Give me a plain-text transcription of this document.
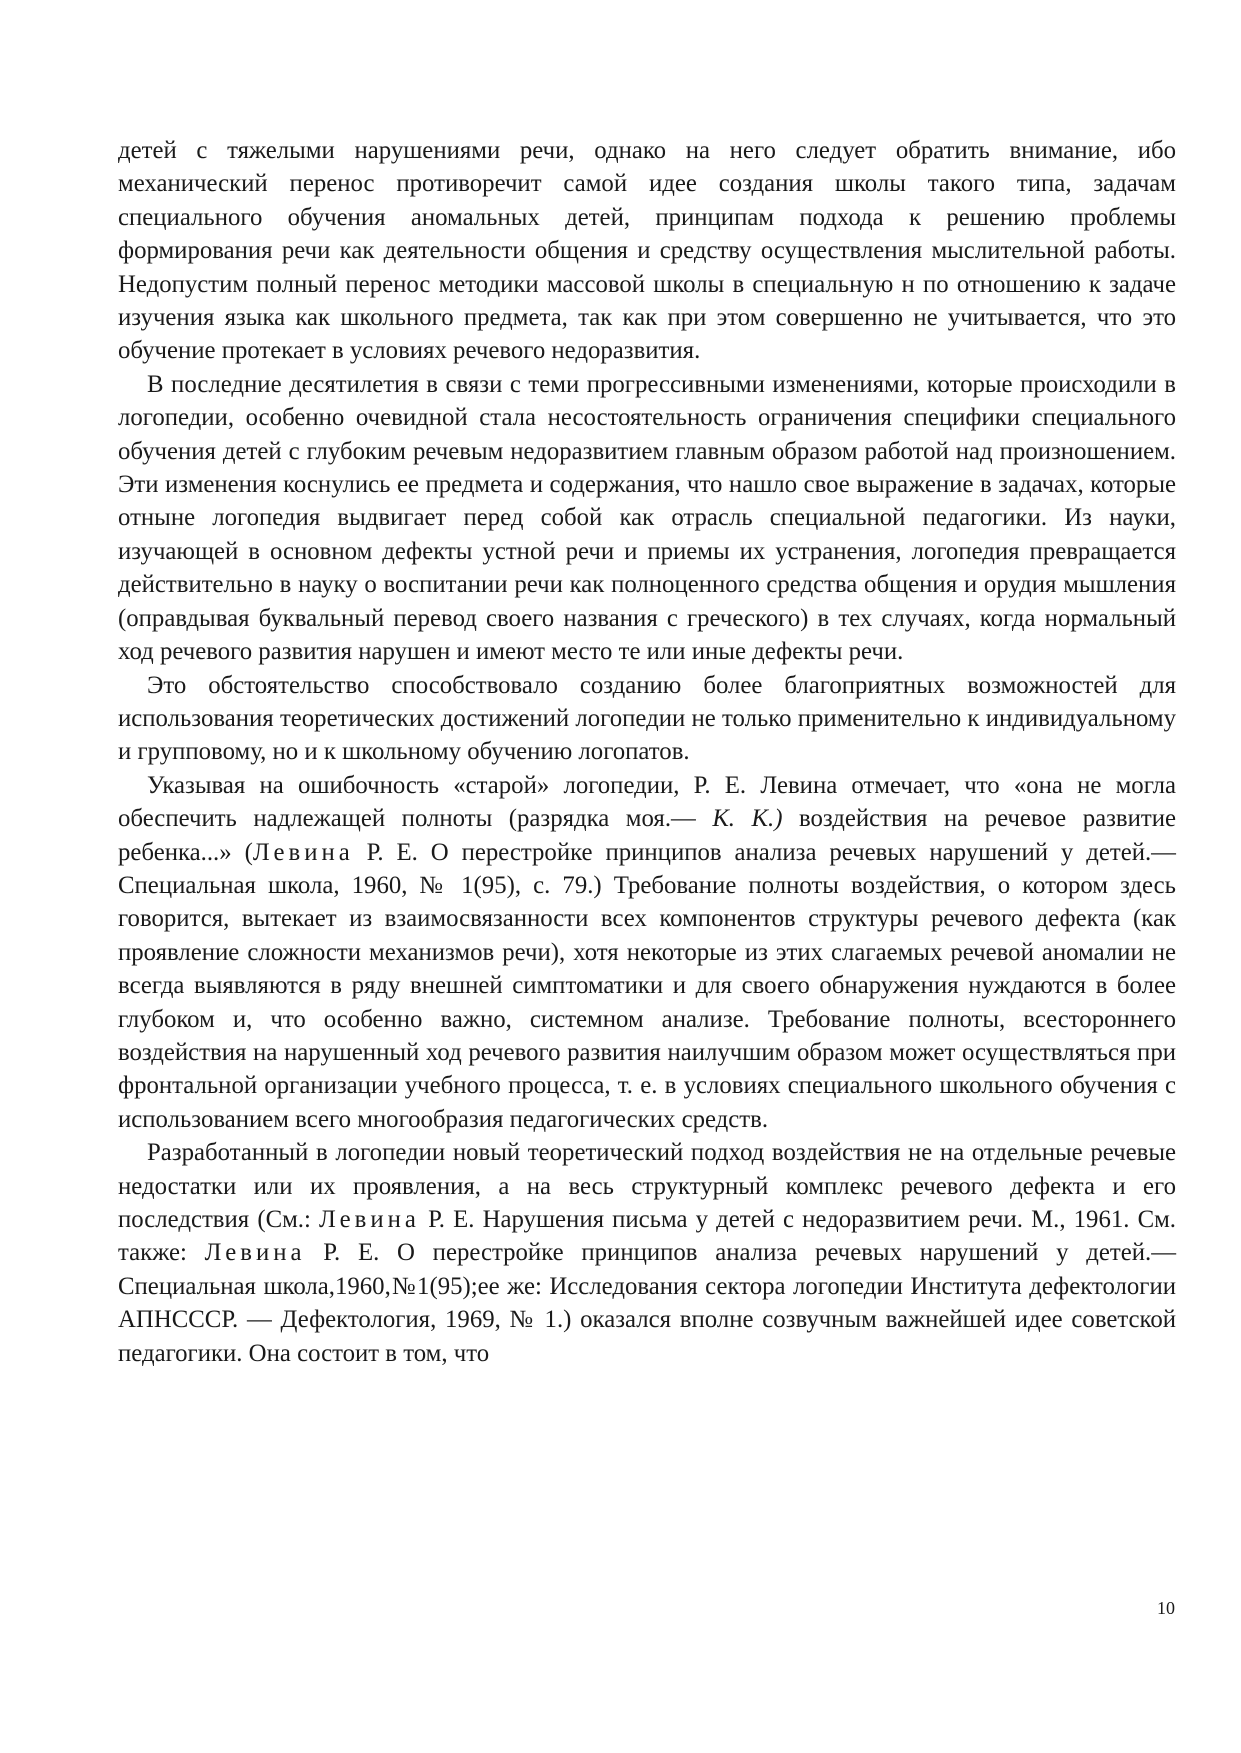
детей с тяжелыми нарушениями речи, однако на него следует обратить внимание, ибо механический перенос противоречит самой идее создания школы такого типа, задачам специального обучения аномальных детей, принципам подхода к решению проблемы формирования речи как деятельности общения и средству осуществления мыслительной работы. Недопустим полный перенос методики массовой школы в специальную н по отношению к задаче изучения языка как школьного предмета, так как при этом совершенно не учитывается, что это обучение протекает в условиях речевого недоразвития.

В последние десятилетия в связи с теми прогрессивными изменениями, которые происходили в логопедии, особенно очевидной стала несостоятельность ограничения специфики специального обучения детей с глубоким речевым недоразвитием главным образом работой над произношением. Эти изменения коснулись ее предмета и содержания, что нашло свое выражение в задачах, которые отныне логопедия выдвигает перед собой как отрасль специальной педагогики. Из науки, изучающей в основном дефекты устной речи и приемы их устранения, логопедия превращается действительно в науку о воспитании речи как полноценного средства общения и орудия мышления (оправдывая буквальный перевод своего названия с греческого) в тех случаях, когда нормальный ход речевого развития нарушен и имеют место те или иные дефекты речи.

Это обстоятельство способствовало созданию более благоприятных возможностей для использования теоретических достижений логопедии не только применительно к индивидуальному и групповому, но и к школьному обучению логопатов.

Указывая на ошибочность «старой» логопедии, Р. Е. Левина отмечает, что «она не могла обеспечить надлежащей полноты (разрядка моя.— К. К.) воздействия на речевое развитие ребенка...» (Левина Р. Е. О перестройке принципов анализа речевых нарушений у детей.— Специальная школа, 1960, № 1(95), с. 79.) Требование полноты воздействия, о котором здесь говорится, вытекает из взаимосвязанности всех компонентов структуры речевого дефекта (как проявление сложности механизмов речи), хотя некоторые из этих слагаемых речевой аномалии не всегда выявляются в ряду внешней симптоматики и для своего обнаружения нуждаются в более глубоком и, что особенно важно, системном анализе. Требование полноты, всестороннего воздействия на нарушенный ход речевого развития наилучшим образом может осуществляться при фронтальной организации учебного процесса, т. е. в условиях специального школьного обучения с использованием всего многообразия педагогических средств.

Разработанный в логопедии новый теоретический подход воздействия не на отдельные речевые недостатки или их проявления, а на весь структурный комплекс речевого дефекта и его последствия (См.: Левина Р. Е. Нарушения письма у детей с недоразвитием речи. М., 1961. См. также: Левина Р. Е. О перестройке принципов анализа речевых нарушений у детей.— Специальная школа,1960,№1(95);ее же: Исследования сектора логопедии Института дефектологии АПНСССР. — Дефектология, 1969, № 1.) оказался вполне созвучным важнейшей идее советской педагогики. Она состоит в том, что

10
